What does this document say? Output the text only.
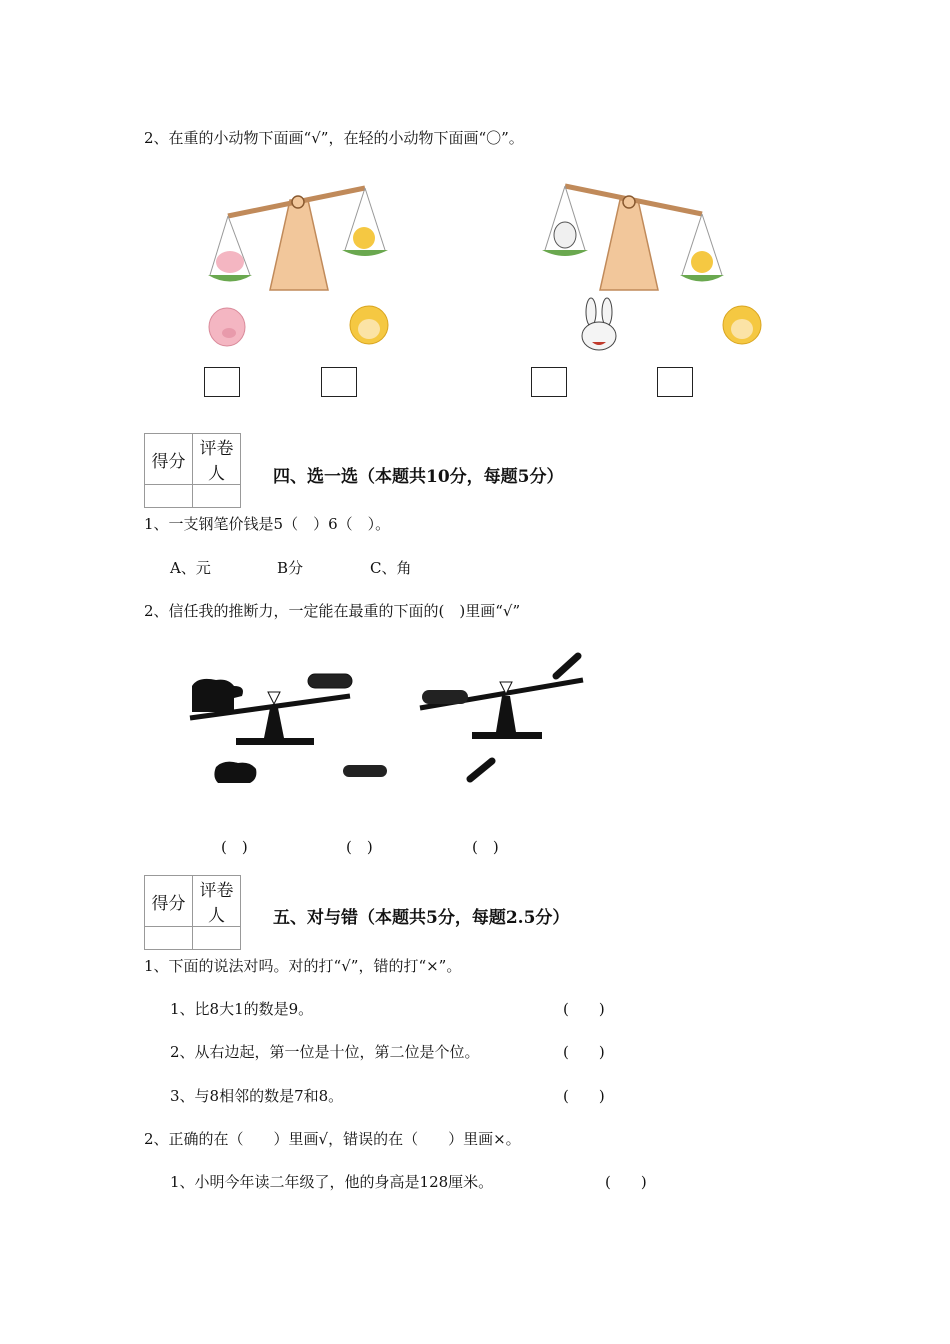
2、在重的小动物下面画“√”，在轻的小动物下面画“〇”。
得分	评卷人
		四、选一选（本题共10分，每题5分）
1、一支钢笔价钱是5（　）6（　）。
A、元	B分	C、角
2、信任我的推断力，一定能在最重的下面的(　)里画“√”
(　)	(　)	(　)
得分	评卷人
		五、对与错（本题共5分，每题2.5分）
1、下面的说法对吗。对的打“√”，错的打“×”。
1、比8大1的数是9。	(　　)
2、从右边起，第一位是十位，第二位是个位。	(　　)
3、与8相邻的数是7和8。	(　　)
2、正确的在（　　）里画√，错误的在（　　）里画×。
1、小明今年读二年级了，他的身高是128厘米。	(　　)
